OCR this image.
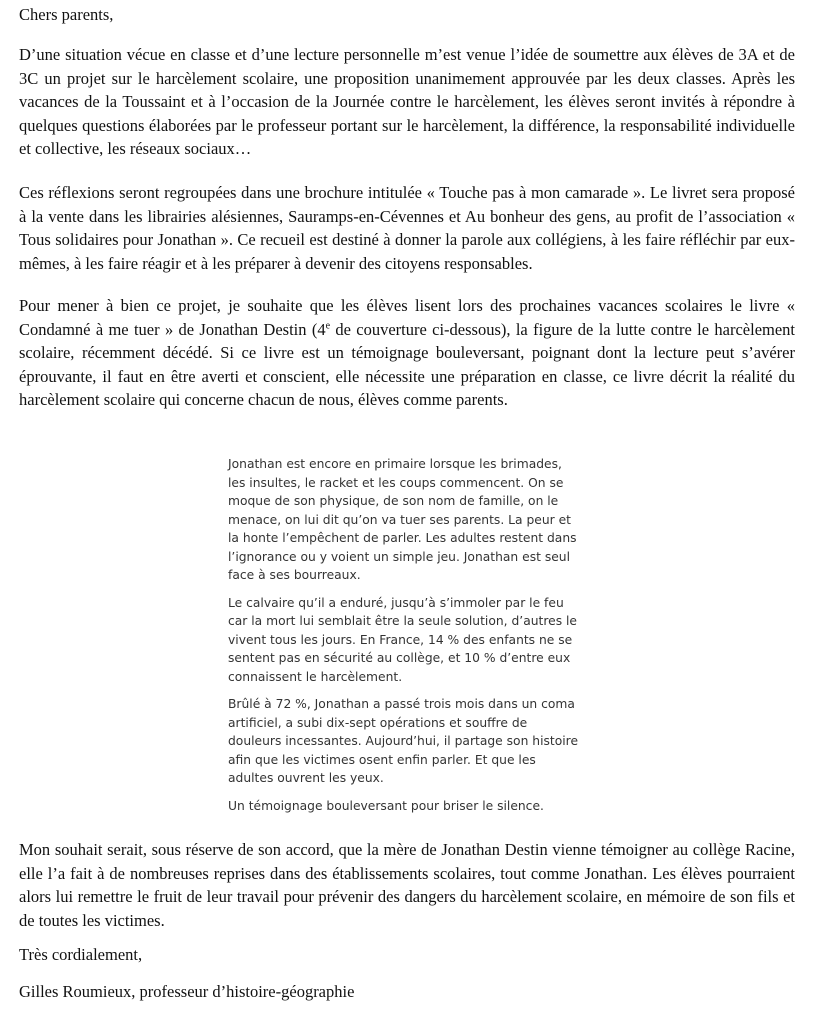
Chers parents,

D’une situation vécue en classe et d’une lecture personnelle m’est venue l’idée de soumettre aux élèves de 3A et de 3C un projet sur le harcèlement scolaire, une proposition unanimement approuvée par les deux classes. Après les vacances de la Toussaint et à l’occasion de la Journée contre le harcèlement, les élèves seront invités à répondre à quelques questions élaborées par le professeur portant sur le harcèlement, la différence, la responsabilité individuelle et collective, les réseaux sociaux…

Ces réflexions seront regroupées dans une brochure intitulée « Touche pas à mon camarade ». Le livret sera proposé à la vente dans les librairies alésiennes, Sauramps-en-Cévennes et Au bonheur des gens, au profit de l’association « Tous solidaires pour Jonathan ». Ce recueil est destiné à donner la parole aux collégiens, à les faire réfléchir par eux-mêmes, à les faire réagir et à les préparer à devenir des citoyens responsables.

Pour mener à bien ce projet, je souhaite que les élèves lisent lors des prochaines vacances scolaires le livre « Condamné à me tuer » de Jonathan Destin (4e de couverture ci-dessous), la figure de la lutte contre le harcèlement scolaire, récemment décédé. Si ce livre est un témoignage bouleversant, poignant dont la lecture peut s’avérer éprouvante, il faut en être averti et conscient, elle nécessite une préparation en classe, ce livre décrit la réalité du harcèlement scolaire qui concerne chacun de nous, élèves comme parents.

Jonathan est encore en primaire lorsque les brimades, les insultes, le racket et les coups commencent. On se moque de son physique, de son nom de famille, on le menace, on lui dit qu’on va tuer ses parents. La peur et la honte l’empêchent de parler. Les adultes restent dans l’ignorance ou y voient un simple jeu. Jonathan est seul face à ses bourreaux.

Le calvaire qu’il a enduré, jusqu’à s’immoler par le feu car la mort lui semblait être la seule solution, d’autres le vivent tous les jours. En France, 14 % des enfants ne se sentent pas en sécurité au collège, et 10 % d’entre eux connaissent le harcèlement.

Brûlé à 72 %, Jonathan a passé trois mois dans un coma artificiel, a subi dix-sept opérations et souffre de douleurs incessantes. Aujourd’hui, il partage son histoire afin que les victimes osent enfin parler. Et que les adultes ouvrent les yeux.

Un témoignage bouleversant pour briser le silence.

Mon souhait serait, sous réserve de son accord, que la mère de Jonathan Destin vienne témoigner au collège Racine, elle l’a fait à de nombreuses reprises dans des établissements scolaires, tout comme Jonathan. Les élèves pourraient alors lui remettre le fruit de leur travail pour prévenir des dangers du harcèlement scolaire, en mémoire de son fils et de toutes les victimes.

Très cordialement,

Gilles Roumieux, professeur d’histoire-géographie
